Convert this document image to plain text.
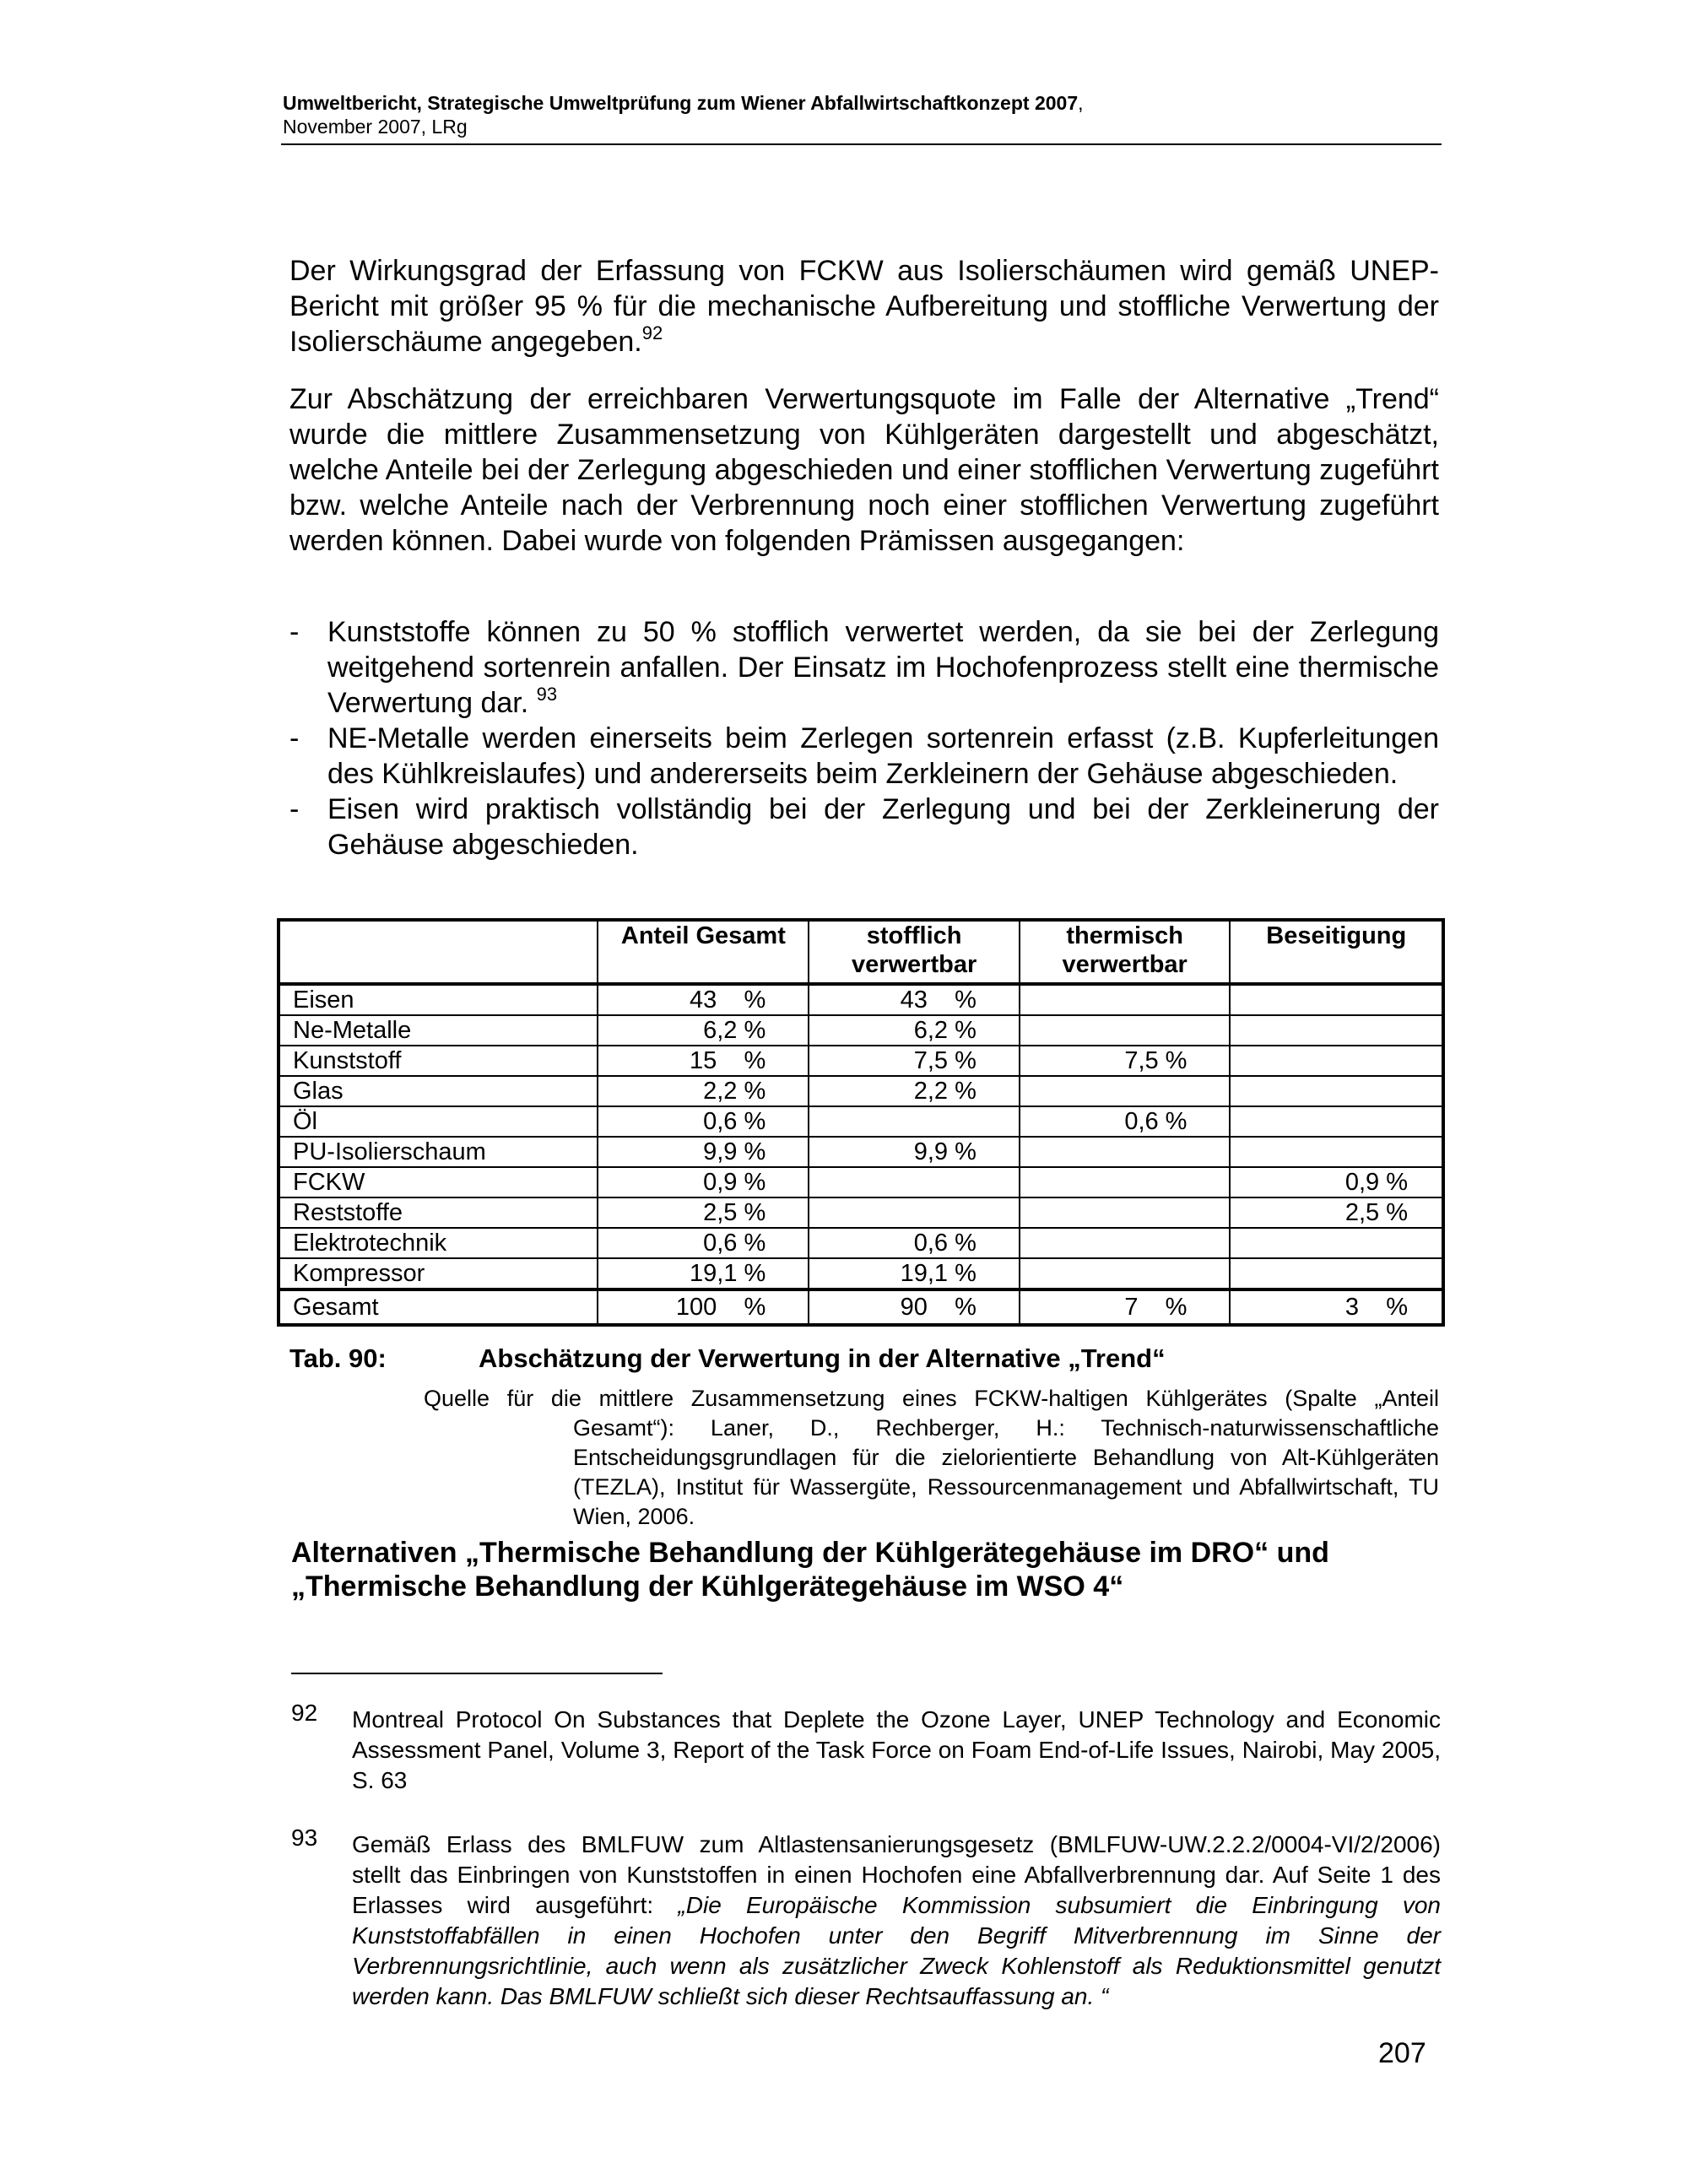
Umweltbericht, Strategische Umweltprüfung zum Wiener Abfallwirtschaftkonzept 2007,
November 2007, LRg

Der Wirkungsgrad der Erfassung von FCKW aus Isolierschäumen wird gemäß UNEP-Bericht mit größer 95 % für die mechanische Aufbereitung und stoffliche Verwertung der Isolierschäume angegeben.$^{92}$

Zur Abschätzung der erreichbaren Verwertungsquote im Falle der Alternative „Trend“ wurde die mittlere Zusammensetzung von Kühlgeräten dargestellt und abgeschätzt, welche Anteile bei der Zerlegung abgeschieden und einer stofflichen Verwertung zugeführt bzw. welche Anteile nach der Verbrennung noch einer stofflichen Verwertung zugeführt werden können. Dabei wurde von folgenden Prämissen ausgegangen:

- Kunststoffe können zu 50 % stofflich verwertet werden, da sie bei der Zerlegung weitgehend sortenrein anfallen. Der Einsatz im Hochofenprozess stellt eine thermische Verwertung dar. $^{93}$
- NE-Metalle werden einerseits beim Zerlegen sortenrein erfasst (z.B. Kupferleitungen des Kühlkreislaufes) und andererseits beim Zerkleinern der Gehäuse abgeschieden.
- Eisen wird praktisch vollständig bei der Zerlegung und bei der Zerkleinerung der Gehäuse abgeschieden.
	Anteil Gesamt	stofflich verwertbar	thermisch verwertbar	Beseitigung
Eisen	43    %	43    %		
Ne-Metalle	6,2 %	6,2 %		
Kunststoff	15    %	7,5 %	7,5 %	
Glas	2,2 %	2,2 %		
Öl	0,6 %		0,6 %	
PU-Isolierschaum	9,9 %	9,9 %		
FCKW	0,9 %			0,9 %
Reststoffe	2,5 %			2,5 %
Elektrotechnik	0,6 %	0,6 %		
Kompressor	19,1 %	19,1 %		
Gesamt	100    %	90    %	7    %	3    %
Tab. 90:	Abschätzung der Verwertung in der Alternative „Trend“
Quelle für die mittlere Zusammensetzung eines FCKW-haltigen Kühlgerätes (Spalte „Anteil Gesamt“): Laner, D., Rechberger, H.: Technisch-naturwissenschaftliche Entscheidungsgrundlagen für die zielorientierte Behandlung von Alt-Kühlgeräten (TEZLA), Institut für Wassergüte, Ressourcenmanagement und Abfallwirtschaft, TU Wien, 2006.
Alternativen „Thermische Behandlung der Kühlgerätegehäuse im DRO“ und
„Thermische Behandlung der Kühlgerätegehäuse im WSO 4“
92 Montreal Protocol On Substances that Deplete the Ozone Layer, UNEP Technology and Economic Assessment Panel, Volume 3, Report of the Task Force on Foam End-of-Life Issues, Nairobi, May 2005, S. 63
93 Gemäß Erlass des BMLFUW zum Altlastensanierungsgesetz (BMLFUW-UW.2.2.2/0004-VI/2/2006) stellt das Einbringen von Kunststoffen in einen Hochofen eine Abfallverbrennung dar. Auf Seite 1 des Erlasses wird ausgeführt: „Die Europäische Kommission subsumiert die Einbringung von Kunststoffabfällen in einen Hochofen unter den Begriff Mitverbrennung im Sinne der Verbrennungsrichtlinie, auch wenn als zusätzlicher Zweck Kohlenstoff als Reduktionsmittel genutzt werden kann. Das BMLFUW schließt sich dieser Rechtsauffassung an. “
207
